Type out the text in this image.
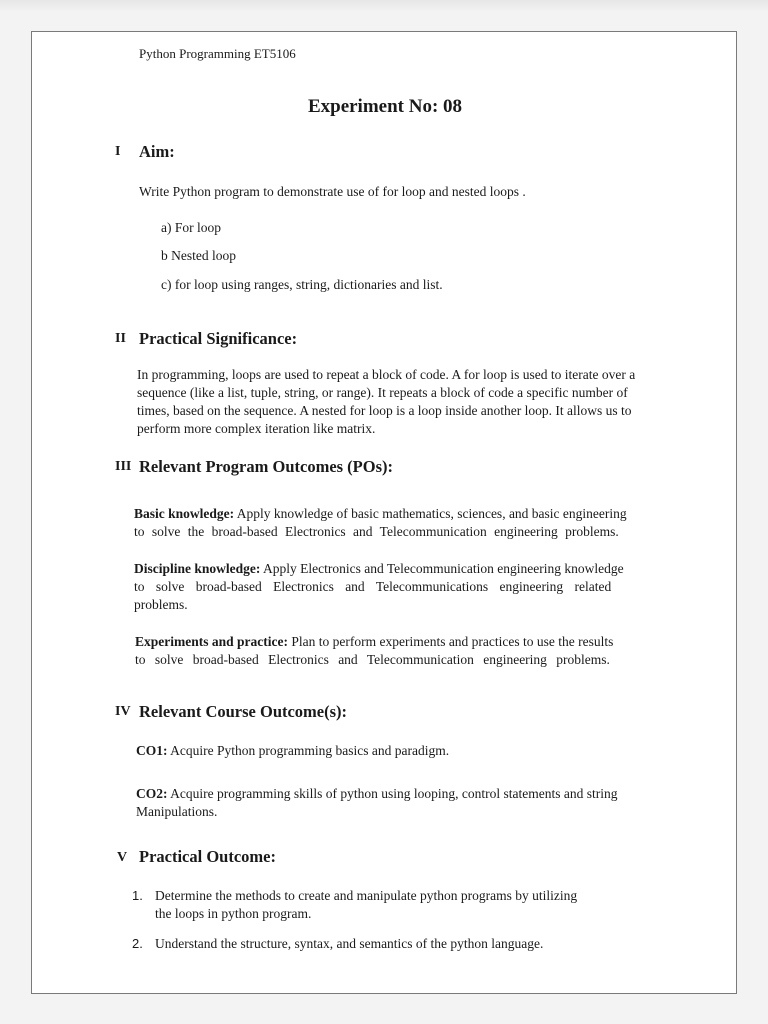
Python Programming ET5106
Experiment No: 08
I Aim:
Write Python program to demonstrate use of for loop and nested loops .
a) For loop
b Nested loop
c) for loop using ranges, string, dictionaries and list.
II Practical Significance:
In programming, loops are used to repeat a block of code. A for loop is used to iterate over a
sequence (like a list, tuple, string, or range). It repeats a block of code a specific number of
times, based on the sequence. A nested for loop is a loop inside another loop. It allows us to
perform more complex iteration like matrix.
III Relevant Program Outcomes (POs):
Basic knowledge: Apply knowledge of basic mathematics, sciences, and basic engineering
to solve the broad-based Electronics and Telecommunication engineering problems.
Discipline knowledge: Apply Electronics and Telecommunication engineering knowledge
to solve broad-based Electronics and Telecommunications engineering related
problems.
Experiments and practice: Plan to perform experiments and practices to use the results
to solve broad-based Electronics and Telecommunication engineering problems.
IV Relevant Course Outcome(s):
CO1: Acquire Python programming basics and paradigm.
CO2: Acquire programming skills of python using looping, control statements and string
Manipulations.
V Practical Outcome:
1. Determine the methods to create and manipulate python programs by utilizing
the loops in python program.
2. Understand the structure, syntax, and semantics of the python language.
